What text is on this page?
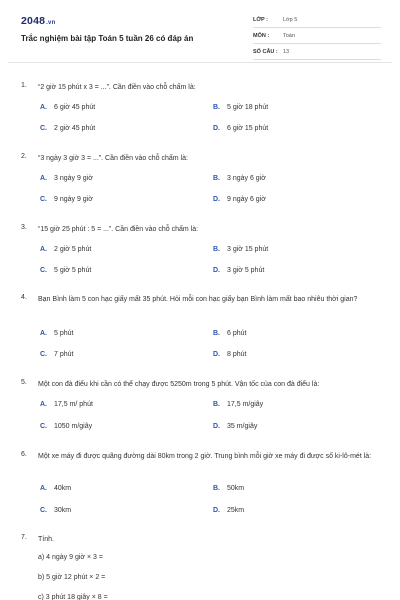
2048.vn
Trắc nghiệm bài tập Toán 5 tuần 26 có đáp án
LỚP :	Lớp 5
MÔN :	Toán
SỐ CÂU : 13
1. “2 giờ 15 phút x 3 = ...”. Cần điền vào chỗ chấm là:
A. 6 giờ 45 phút	B. 5 giờ 18 phút
C. 2 giờ 45 phút	D. 6 giờ 15 phút
2. “3 ngày 3 giờ 3 = ...”. Cần điền vào chỗ chấm là:
A. 3 ngày 9 giờ	B. 3 ngày 6 giờ
C. 9 ngày 9 giờ	D. 9 ngày 6 giờ
3. “15 giờ 25 phút : 5 = ...”. Cần điền vào chỗ chấm là:
A. 2 giờ 5 phút	B. 3 giờ 15 phút
C. 5 giờ 5 phút	D. 3 giờ 5 phút
4. Bạn Bình làm 5 con hạc giấy mất 35 phút. Hỏi mỗi con hạc giấy bạn Bình làm mất bao nhiêu thời gian?
A. 5 phút	B. 6 phút
C. 7 phút	D. 8 phút
5. Một con đà điểu khi cần có thể chạy được 5250m trong 5 phút. Vận tốc của con đà điểu là:
A. 17,5 m/ phút	B. 17,5 m/giây
C. 1050 m/giây	D. 35 m/giây
6. Một xe máy đi được quãng đường dài 80km trong 2 giờ. Trung bình mỗi giờ xe máy đi được số ki-lô-mét là:
A. 40km	B. 50km
C. 30km	D. 25km
7. Tính.
a) 4 ngày 9 giờ × 3 =
b) 5 giờ 12 phút × 2 =
c) 3 phút 18 giây × 8 =
